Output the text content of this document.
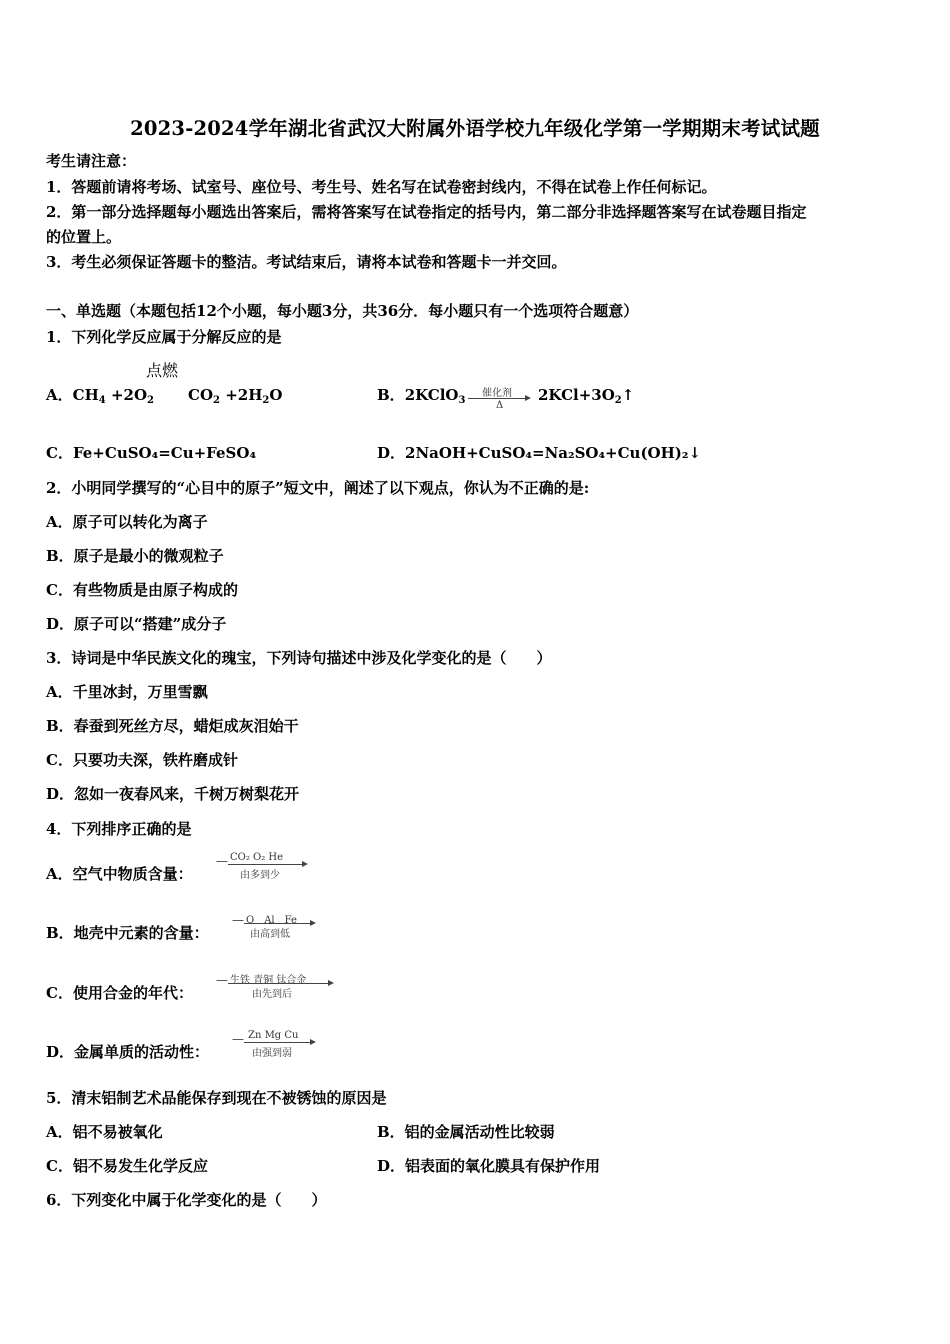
2023-2024学年湖北省武汉大附属外语学校九年级化学第一学期期末考试试题
考生请注意：
1．答题前请将考场、试室号、座位号、考生号、姓名写在试卷密封线内，不得在试卷上作任何标记。
2．第一部分选择题每小题选出答案后，需将答案写在试卷指定的括号内，第二部分非选择题答案写在试卷题目指定
的位置上。
3．考生必须保证答题卡的整洁。考试结束后，请将本试卷和答题卡一并交回。
一、单选题（本题包括12个小题，每小题3分，共36分．每小题只有一个选项符合题意）
1．下列化学反应属于分解反应的是
点燃
A．$CH_4 +2O_2$ $CO_2 +2H_2O$	B．2KClO$_3$
催化剂
Δ
$2KCl+3O_2↑$
C．Fe+CuSO₄=Cu+FeSO₄	D．2NaOH+CuSO₄=Na₂SO₄+Cu(OH)₂↓
2．小明同学撰写的“心目中的原子”短文中，阐述了以下观点，你认为不正确的是:
A．原子可以转化为离子
B．原子是最小的微观粒子
C．有些物质是由原子构成的
D．原子可以“搭建”成分子
3．诗词是中华民族文化的瑰宝，下列诗句描述中涉及化学变化的是（　　）
A．千里冰封，万里雪飘
B．春蚕到死丝方尽，蜡炬成灰泪始干
C．只要功夫深，铁杵磨成针
D．忽如一夜春风来，千树万树梨花开
4．下列排序正确的是
A．空气中物质含量：
— CO₂ O₂ He
由多到少
B．地壳中元素的含量：
— O　Al　Fe
由高到低
C．使用合金的年代：
— 生铁 青铜 钛合金
由先到后
D．金属单质的活动性：
— Zn Mg Cu
由强到弱
5．清末铝制艺术品能保存到现在不被锈蚀的原因是
A．铝不易被氧化	B．铝的金属活动性比较弱
C．铝不易发生化学反应	D．铝表面的氧化膜具有保护作用
6．下列变化中属于化学变化的是（　　）
